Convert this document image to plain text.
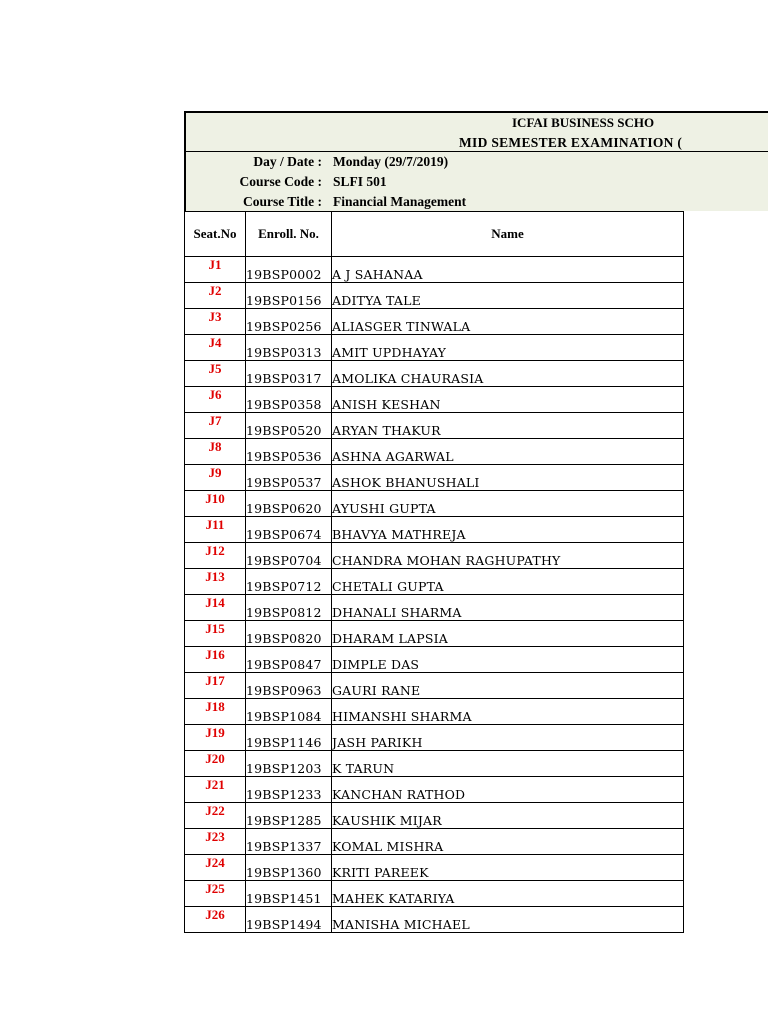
ICFAI BUSINESS SCHO
MID SEMESTER EXAMINATION (
Day / Date : Monday (29/7/2019)
Course Code : SLFI 501
Course Title : Financial Management
Seat.No	Enroll. No.	Name
J1	19BSP0002	A J SAHANAA
J2	19BSP0156	ADITYA TALE
J3	19BSP0256	ALIASGER TINWALA
J4	19BSP0313	AMIT UPDHAYAY
J5	19BSP0317	AMOLIKA CHAURASIA
J6	19BSP0358	ANISH KESHAN
J7	19BSP0520	ARYAN THAKUR
J8	19BSP0536	ASHNA AGARWAL
J9	19BSP0537	ASHOK BHANUSHALI
J10	19BSP0620	AYUSHI GUPTA
J11	19BSP0674	BHAVYA MATHREJA
J12	19BSP0704	CHANDRA MOHAN RAGHUPATHY
J13	19BSP0712	CHETALI GUPTA
J14	19BSP0812	DHANALI SHARMA
J15	19BSP0820	DHARAM LAPSIA
J16	19BSP0847	DIMPLE DAS
J17	19BSP0963	GAURI RANE
J18	19BSP1084	HIMANSHI SHARMA
J19	19BSP1146	JASH PARIKH
J20	19BSP1203	K TARUN
J21	19BSP1233	KANCHAN RATHOD
J22	19BSP1285	KAUSHIK MIJAR
J23	19BSP1337	KOMAL MISHRA
J24	19BSP1360	KRITI PAREEK
J25	19BSP1451	MAHEK KATARIYA
J26	19BSP1494	MANISHA MICHAEL
